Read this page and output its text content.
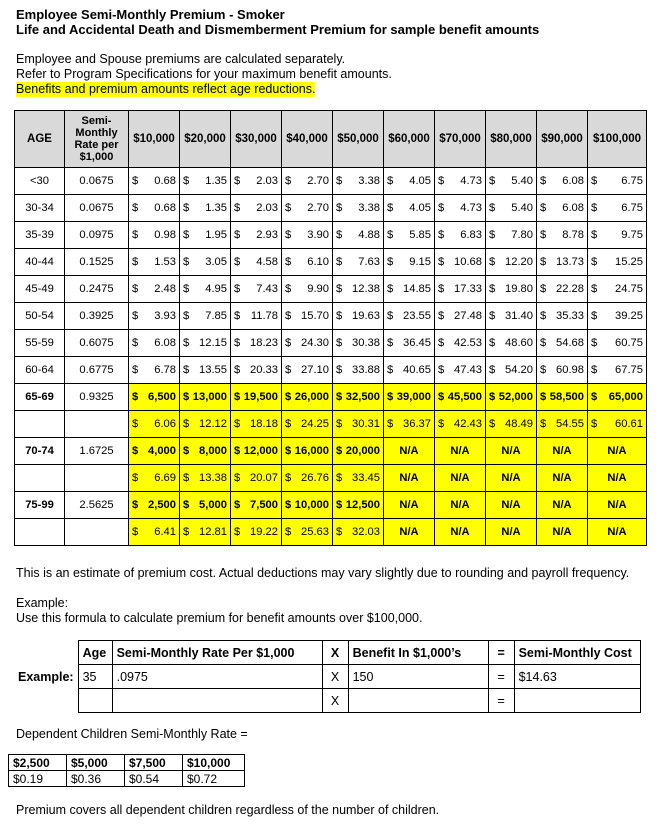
Employee Semi-Monthly Premium - Smoker
Life and Accidental Death and Dismemberment Premium for sample benefit amounts
Employee and Spouse premiums are calculated separately.
Refer to Program Specifications for your maximum benefit amounts.
Benefits and premium amounts reflect age reductions.
AGE	Semi-Monthly Rate per $1,000	$10,000	$20,000	$30,000	$40,000	$50,000	$60,000	$70,000	$80,000	$90,000	$100,000
<30	0.0675	$ 0.68	$ 1.35	$ 2.03	$ 2.70	$ 3.38	$ 4.05	$ 4.73	$ 5.40	$ 6.08	$ 6.75

30-34	0.0675	$ 0.68	$ 1.35	$ 2.03	$ 2.70	$ 3.38	$ 4.05	$ 4.73	$ 5.40	$ 6.08	$ 6.75

35-39	0.0975	$ 0.98	$ 1.95	$ 2.93	$ 3.90	$ 4.88	$ 5.85	$ 6.83	$ 7.80	$ 8.78	$ 9.75

40-44	0.1525	$ 1.53	$ 3.05	$ 4.58	$ 6.10	$ 7.63	$ 9.15	$ 10.68	$ 12.20	$ 13.73	$ 15.25

45-49	0.2475	$ 2.48	$ 4.95	$ 7.43	$ 9.90	$ 12.38	$ 14.85	$ 17.33	$ 19.80	$ 22.28	$ 24.75

50-54	0.3925	$ 3.93	$ 7.85	$ 11.78	$ 15.70	$ 19.63	$ 23.55	$ 27.48	$ 31.40	$ 35.33	$ 39.25

55-59	0.6075	$ 6.08	$ 12.15	$ 18.23	$ 24.30	$ 30.38	$ 36.45	$ 42.53	$ 48.60	$ 54.68	$ 60.75

60-64	0.6775	$ 6.78	$ 13.55	$ 20.33	$ 27.10	$ 33.88	$ 40.65	$ 47.43	$ 54.20	$ 60.98	$ 67.75

65-69	0.9325	$ 6,500	$ 13,000	$ 19,500	$ 26,000	$ 32,500	$ 39,000	$ 45,500	$ 52,000	$ 58,500	$ 65,000

		$ 6.06	$ 12.12	$ 18.18	$ 24.25	$ 30.31	$ 36.37	$ 42.43	$ 48.49	$ 54.55	$ 60.61

70-74	1.6725	$ 4,000	$ 8,000	$ 12,000	$ 16,000	$ 20,000	N/A	N/A	N/A	N/A	N/A

		$ 6.69	$ 13.38	$ 20.07	$ 26.76	$ 33.45	N/A	N/A	N/A	N/A	N/A
75-99	2.5625	$ 2,500	$ 5,000	$ 7,500	$ 10,000	$ 12,500	N/A	N/A	N/A	N/A	N/A

		$ 6.41	$ 12.81	$ 19.22	$ 25.63	$ 32.03	N/A	N/A	N/A	N/A	N/A
This is an estimate of premium cost. Actual deductions may vary slightly due to rounding and payroll frequency.
Example:
Use this formula to calculate premium for benefit amounts over $100,000.
	Age	Semi-Monthly Rate Per $1,000	X	Benefit In $1,000’s	=	Semi-Monthly Cost
Example:	35	.0975	X	150	=	$14.63
			X		=	
Dependent Children Semi-Monthly Rate =
$2,500	$5,000	$7,500	$10,000
$0.19	$0.36	$0.54	$0.72
Premium covers all dependent children regardless of the number of children.
